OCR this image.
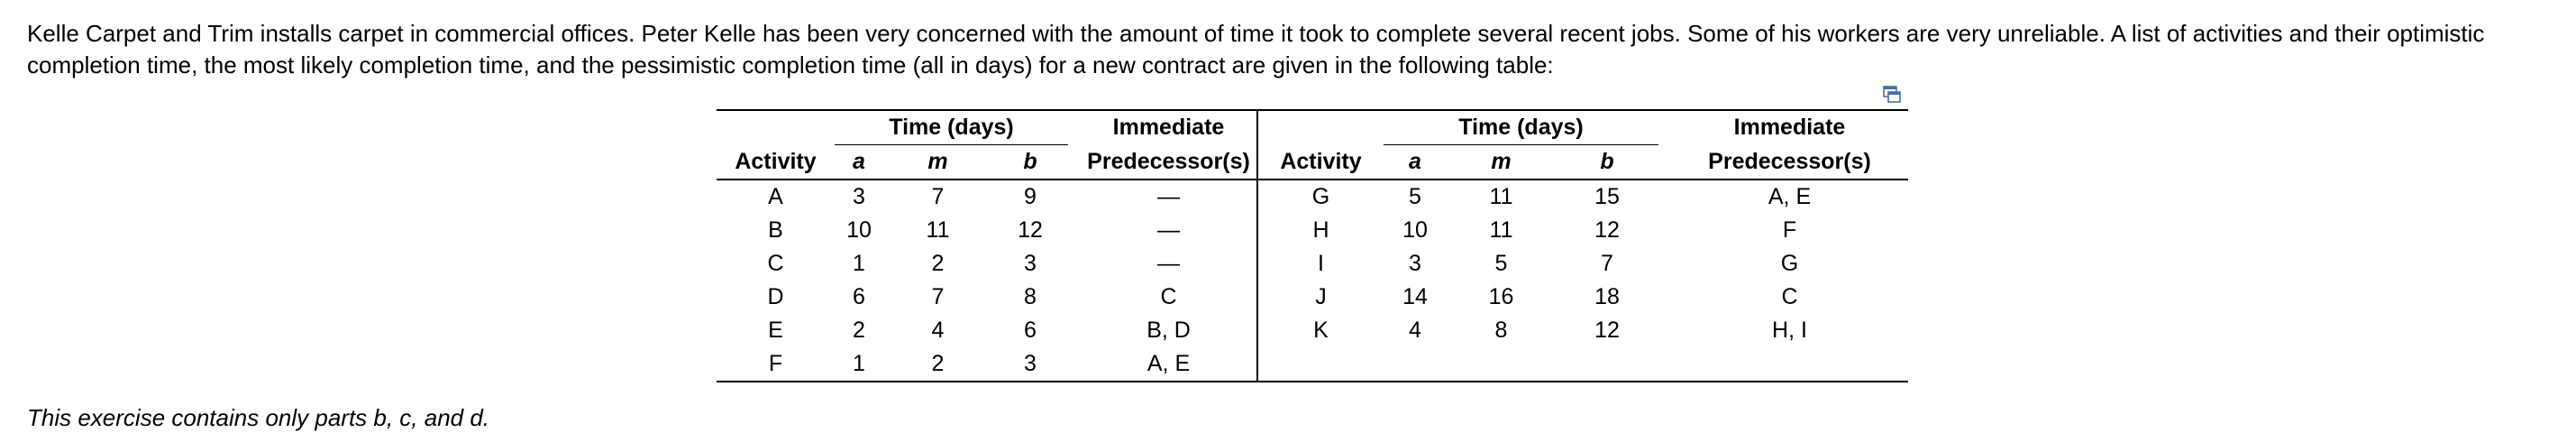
Kelle Carpet and Trim installs carpet in commercial offices. Peter Kelle has been very concerned with the amount of time it took to complete several recent jobs. Some of his workers are very unreliable. A list of activities and their optimistic completion time, the most likely completion time, and the pessimistic completion time (all in days) for a new contract are given in the following table:

	Time (days)				Immediate		Time (days)				Immediate
Activity	a	m	b		Predecessor(s)	Activity	a	m	b		Predecessor(s)
A	3	7	9		—	G	5	11	15		A, E
B	10	11	12		—	H	10	11	12		F
C	1	2	3		—	I	3	5	7		G
D	6	7	8		C	J	14	16	18		C
E	2	4	6		B, D	K	4	8	12		H, I
F	1	2	3		A, E						

This exercise contains only parts b, c, and d.
